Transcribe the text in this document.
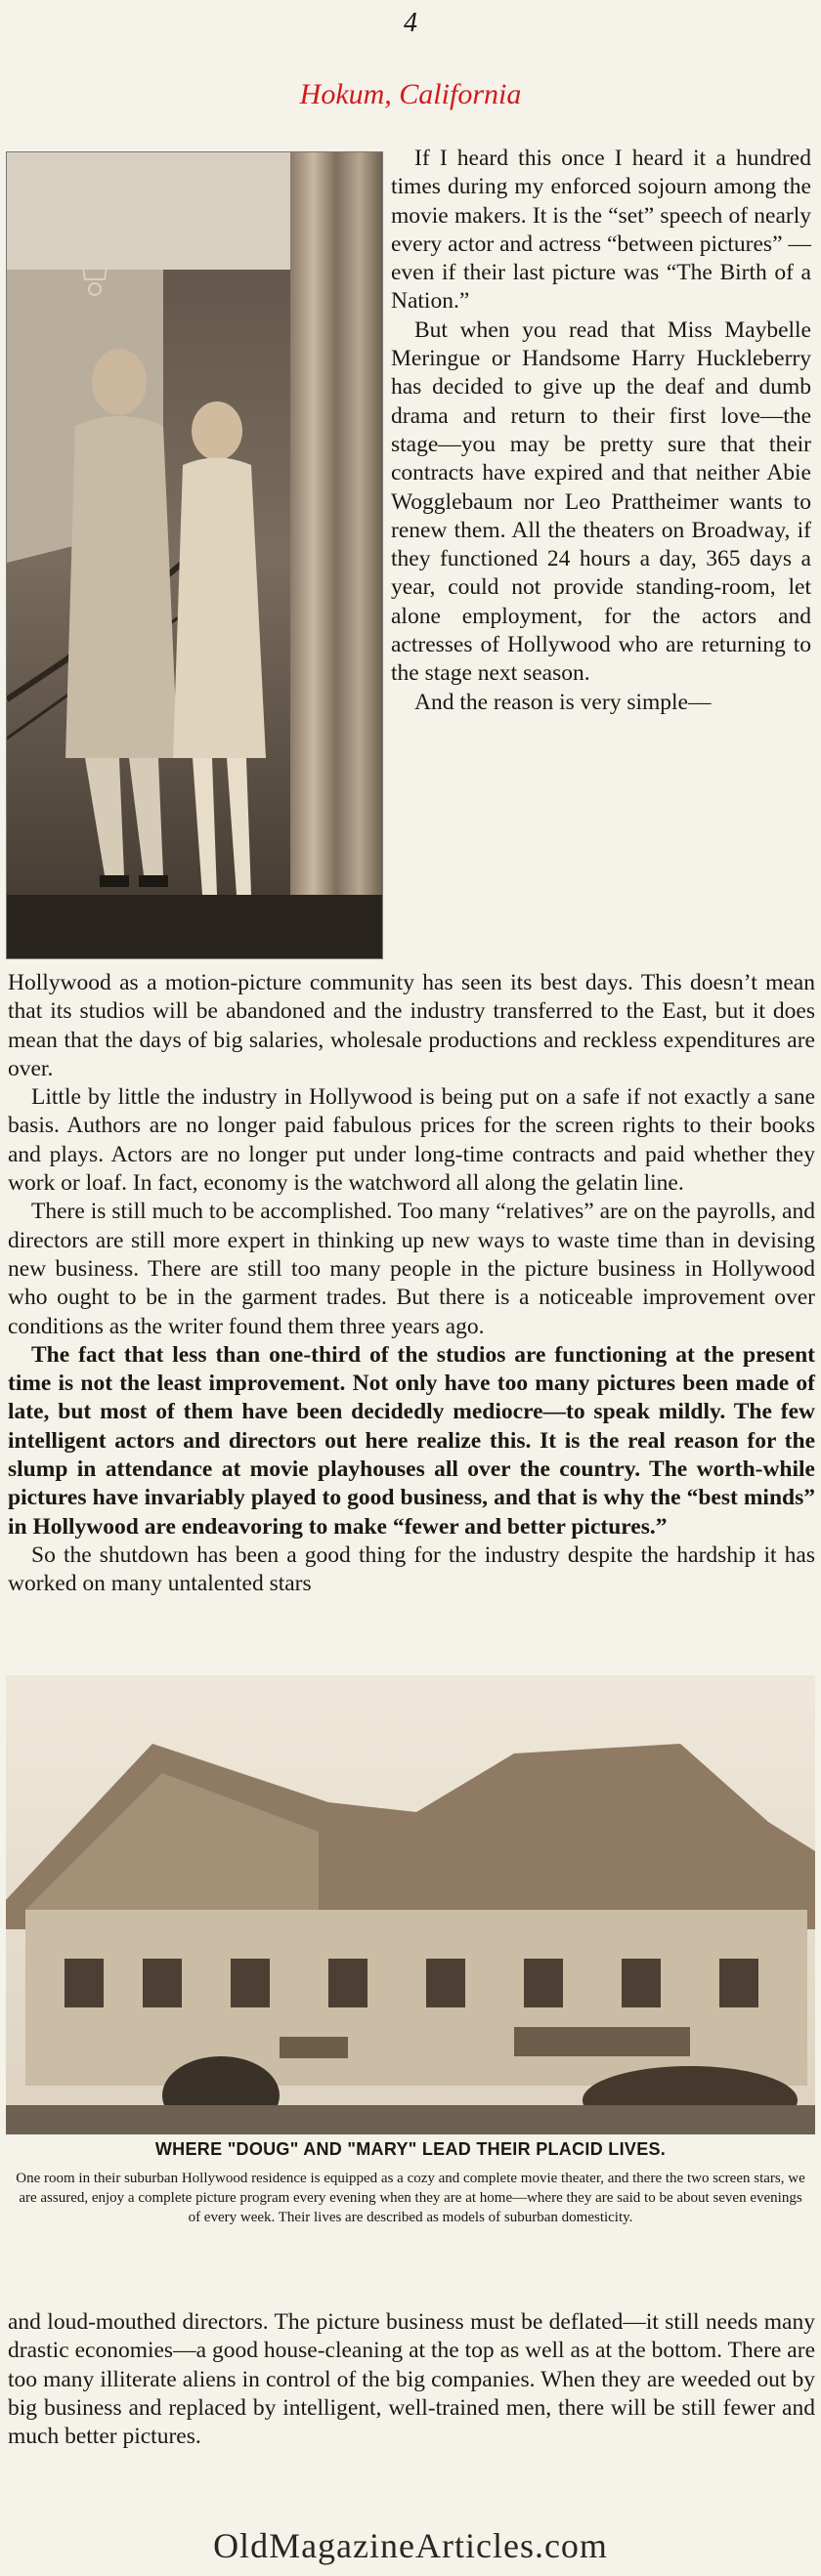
4
Hokum, California

If I heard this once I heard it a hundred times during my enforced sojourn among the movie makers. It is the “set” speech of nearly every actor and actress “between pictures” — even if their last picture was “The Birth of a Nation.”

But when you read that Miss Maybelle Meringue or Handsome Harry Huckleberry has decided to give up the deaf and dumb drama and return to their first love—the stage—you may be pretty sure that their contracts have expired and that neither Abie Wogglebaum nor Leo Prattheimer wants to renew them. All the theaters on Broadway, if they functioned 24 hours a day, 365 days a year, could not provide standing-room, let alone employment, for the actors and actresses of Hollywood who are returning to the stage next season.

And the reason is very simple—

Hollywood as a motion-picture community has seen its best days. This doesn’t mean that its studios will be abandoned and the industry transferred to the East, but it does mean that the days of big salaries, wholesale productions and reckless expenditures are over.

Little by little the industry in Hollywood is being put on a safe if not exactly a sane basis. Authors are no longer paid fabulous prices for the screen rights to their books and plays. Actors are no longer put under long-time contracts and paid whether they work or loaf. In fact, economy is the watchword all along the gelatin line.

There is still much to be accomplished. Too many “relatives” are on the payrolls, and directors are still more expert in thinking up new ways to waste time than in devising new business. There are still too many people in the picture business in Hollywood who ought to be in the garment trades. But there is a noticeable improvement over conditions as the writer found them three years ago.

The fact that less than one-third of the studios are functioning at the present time is not the least improvement. Not only have too many pictures been made of late, but most of them have been decidedly mediocre—to speak mildly. The few intelligent actors and directors out here realize this. It is the real reason for the slump in attendance at movie playhouses all over the country. The worth-while pictures have invariably played to good business, and that is why the “best minds” in Hollywood are endeavoring to make “fewer and better pictures.”

So the shutdown has been a good thing for the industry despite the hardship it has worked on many untalented stars

WHERE "DOUG" AND "MARY" LEAD THEIR PLACID LIVES.
One room in their suburban Hollywood residence is equipped as a cozy and complete movie theater, and there the two screen stars, we are assured, enjoy a complete picture program every evening when they are at home—where they are said to be about seven evenings of every week. Their lives are described as models of suburban domesticity.

and loud-mouthed directors. The picture business must be deflated—it still needs many drastic economies—a good house-cleaning at the top as well as at the bottom. There are too many illiterate aliens in control of the big companies. When they are weeded out by big business and replaced by intelligent, well-trained men, there will be still fewer and much better pictures.

OldMagazineArticles.com
